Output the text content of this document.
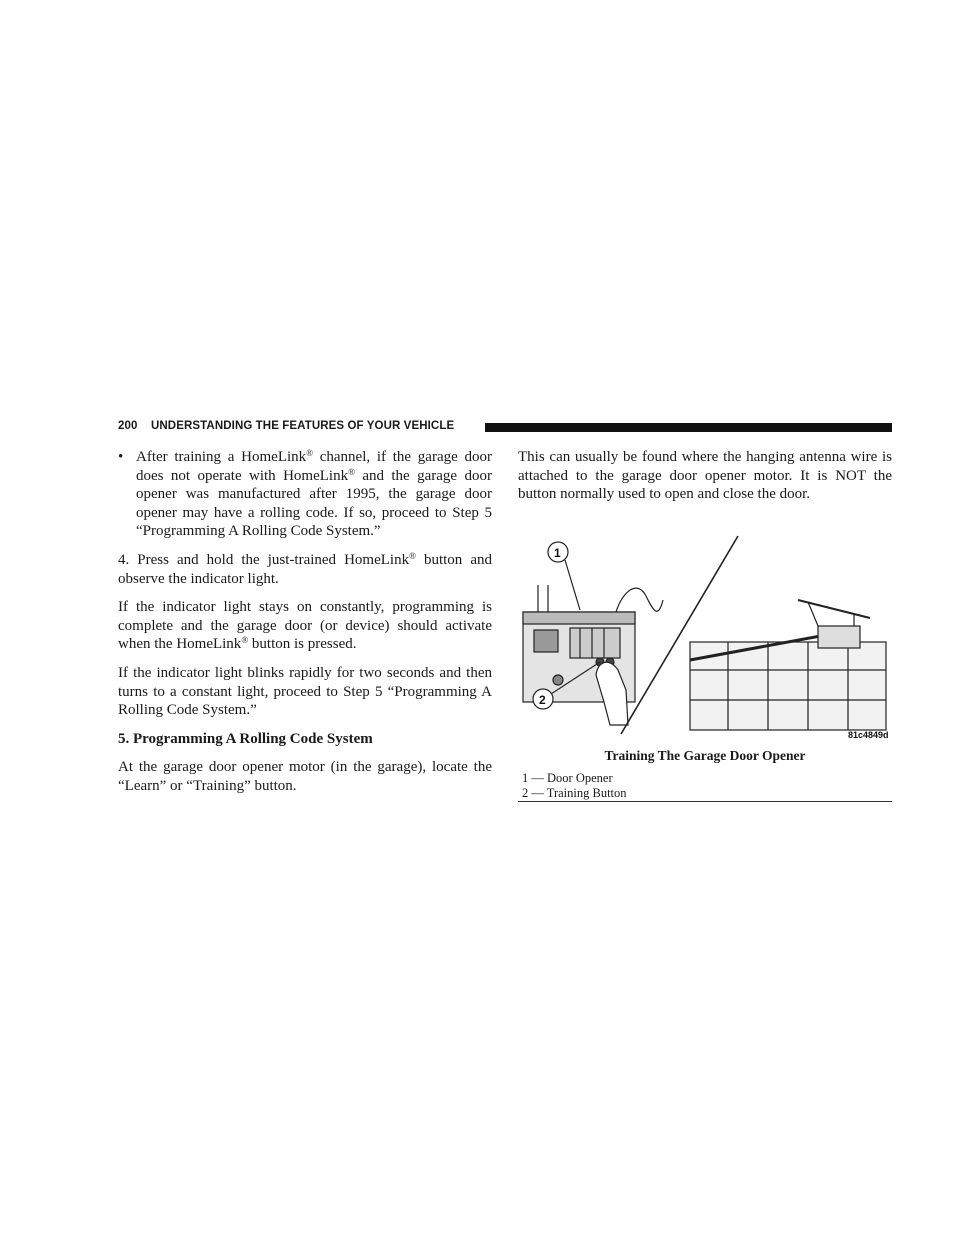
200 UNDERSTANDING THE FEATURES OF YOUR VEHICLE
• After training a HomeLink® channel, if the garage door does not operate with HomeLink® and the garage door opener was manufactured after 1995, the garage door opener may have a rolling code. If so, proceed to Step 5 “Programming A Rolling Code System.”

4. Press and hold the just-trained HomeLink® button and observe the indicator light.

If the indicator light stays on constantly, programming is complete and the garage door (or device) should activate when the HomeLink® button is pressed.

If the indicator light blinks rapidly for two seconds and then turns to a constant light, proceed to Step 5 “Programming A Rolling Code System.”

5. Programming A Rolling Code System

At the garage door opener motor (in the garage), locate the “Learn” or “Training” button.

This can usually be found where the hanging antenna wire is attached to the garage door opener motor. It is NOT the button normally used to open and close the door.

1
2
81c4849d
Training The Garage Door Opener
1 — Door Opener
2 — Training Button
